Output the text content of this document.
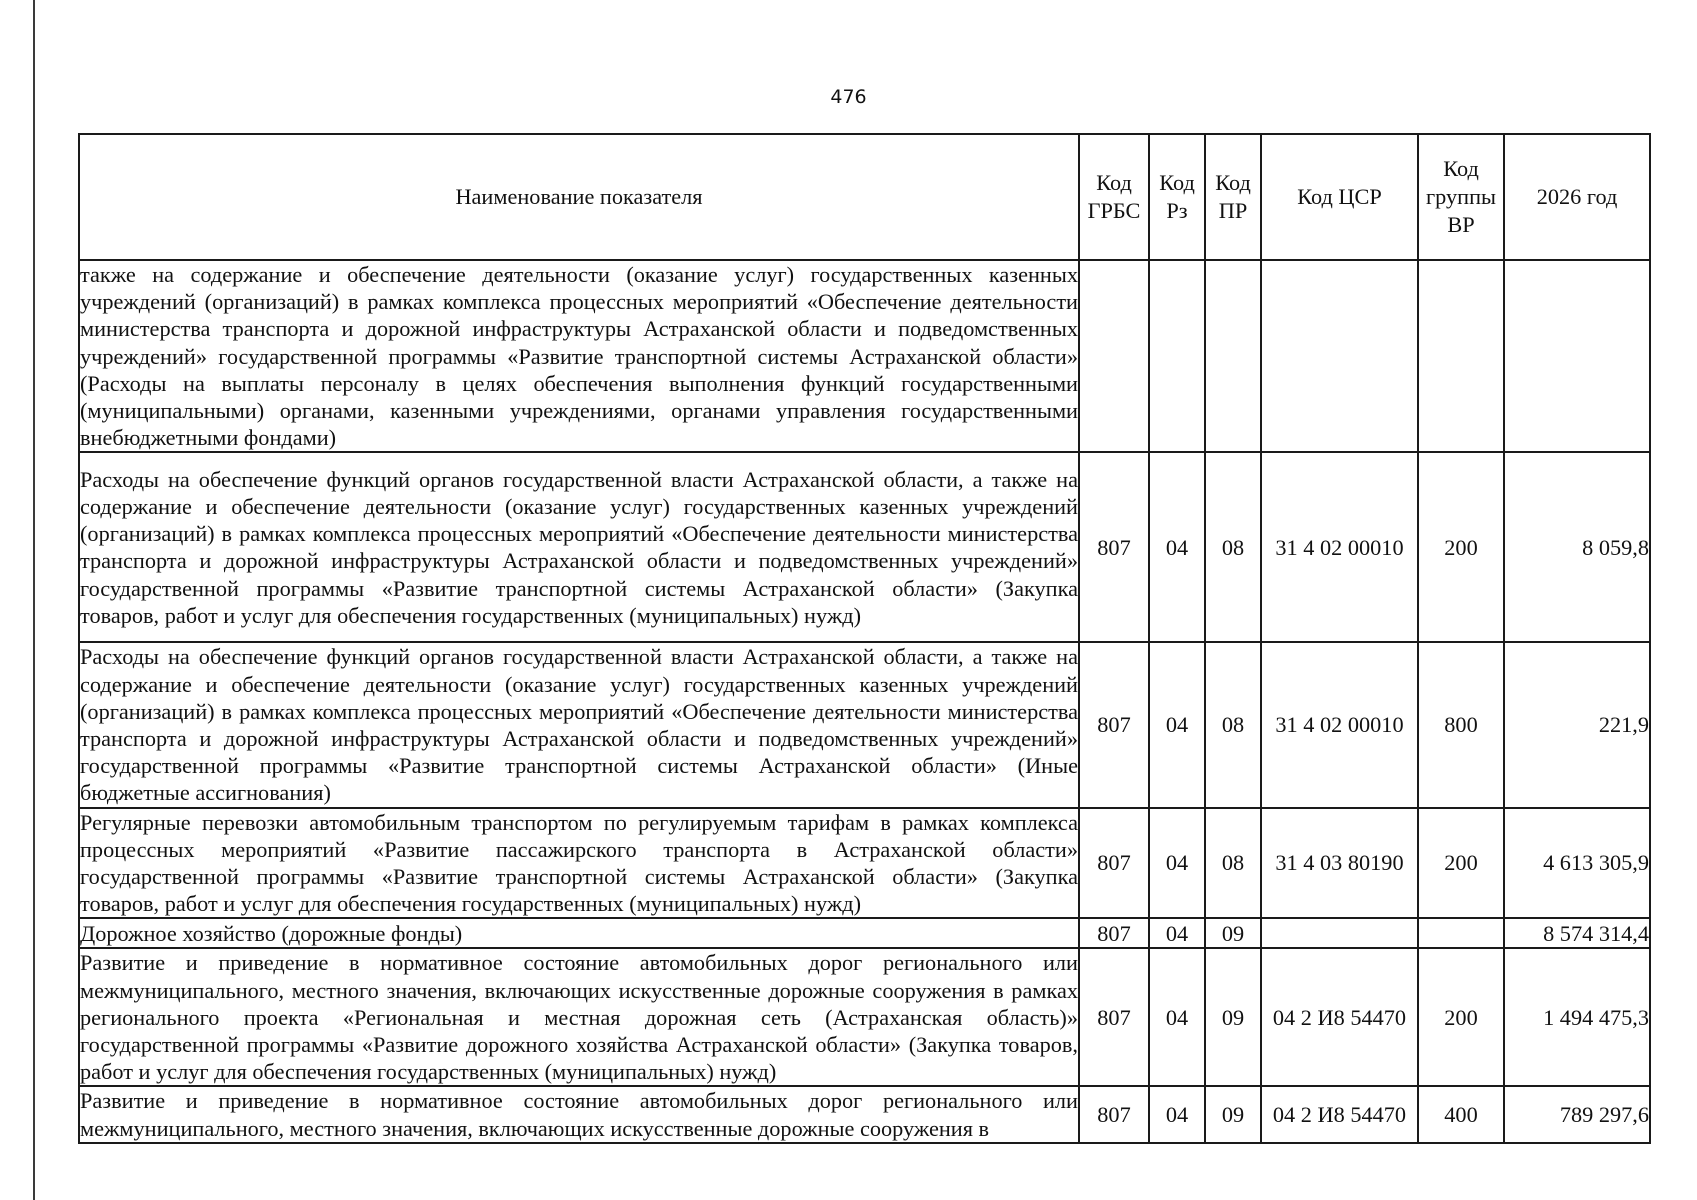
476
Наименование показателя	Код ГРБС	Код Рз	Код ПР	Код ЦСР	Код группы ВР	2026 год
также на содержание и обеспечение деятельности (оказание услуг) государственных казенных учреждений (организаций) в рамках комплекса процессных мероприятий «Обеспечение деятельности министерства транспорта и дорожной инфраструктуры Астраханской области и подведомственных учреждений» государственной программы «Развитие транспортной системы Астраханской области» (Расходы на выплаты персоналу в целях обеспечения выполнения функций государственными (муниципальными) органами, казенными учреждениями, органами управления государственными внебюджетными фондами)						
Расходы на обеспечение функций органов государственной власти Астраханской области, а также на содержание и обеспечение деятельности (оказание услуг) государственных казенных учреждений (организаций) в рамках комплекса процессных мероприятий «Обеспечение деятельности министерства транспорта и дорожной инфраструктуры Астраханской области и подведомственных учреждений» государственной программы «Развитие транспортной системы Астраханской области» (Закупка товаров, работ и услуг для обеспечения государственных (муниципальных) нужд)	807	04	08	31 4 02 00010	200	8 059,8
Расходы на обеспечение функций органов государственной власти Астраханской области, а также на содержание и обеспечение деятельности (оказание услуг) государственных казенных учреждений (организаций) в рамках комплекса процессных мероприятий «Обеспечение деятельности министерства транспорта и дорожной инфраструктуры Астраханской области и подведомственных учреждений» государственной программы «Развитие транспортной системы Астраханской области» (Иные бюджетные ассигнования)	807	04	08	31 4 02 00010	800	221,9
Регулярные перевозки автомобильным транспортом по регулируемым тарифам в рамках комплекса процессных мероприятий «Развитие пассажирского транспорта в Астраханской области» государственной программы «Развитие транспортной системы Астраханской области» (Закупка товаров, работ и услуг для обеспечения государственных (муниципальных) нужд)	807	04	08	31 4 03 80190	200	4 613 305,9
Дорожное хозяйство (дорожные фонды)	807	04	09			8 574 314,4
Развитие и приведение в нормативное состояние автомобильных дорог регионального или межмуниципального, местного значения, включающих искусственные дорожные сооружения в рамках регионального проекта «Региональная и местная дорожная сеть (Астраханская область)» государственной программы «Развитие дорожного хозяйства Астраханской области» (Закупка товаров, работ и услуг для обеспечения государственных (муниципальных) нужд)	807	04	09	04 2 И8 54470	200	1 494 475,3
Развитие и приведение в нормативное состояние автомобильных дорог регионального или межмуниципального, местного значения, включающих искусственные дорожные сооружения в	807	04	09	04 2 И8 54470	400	789 297,6
